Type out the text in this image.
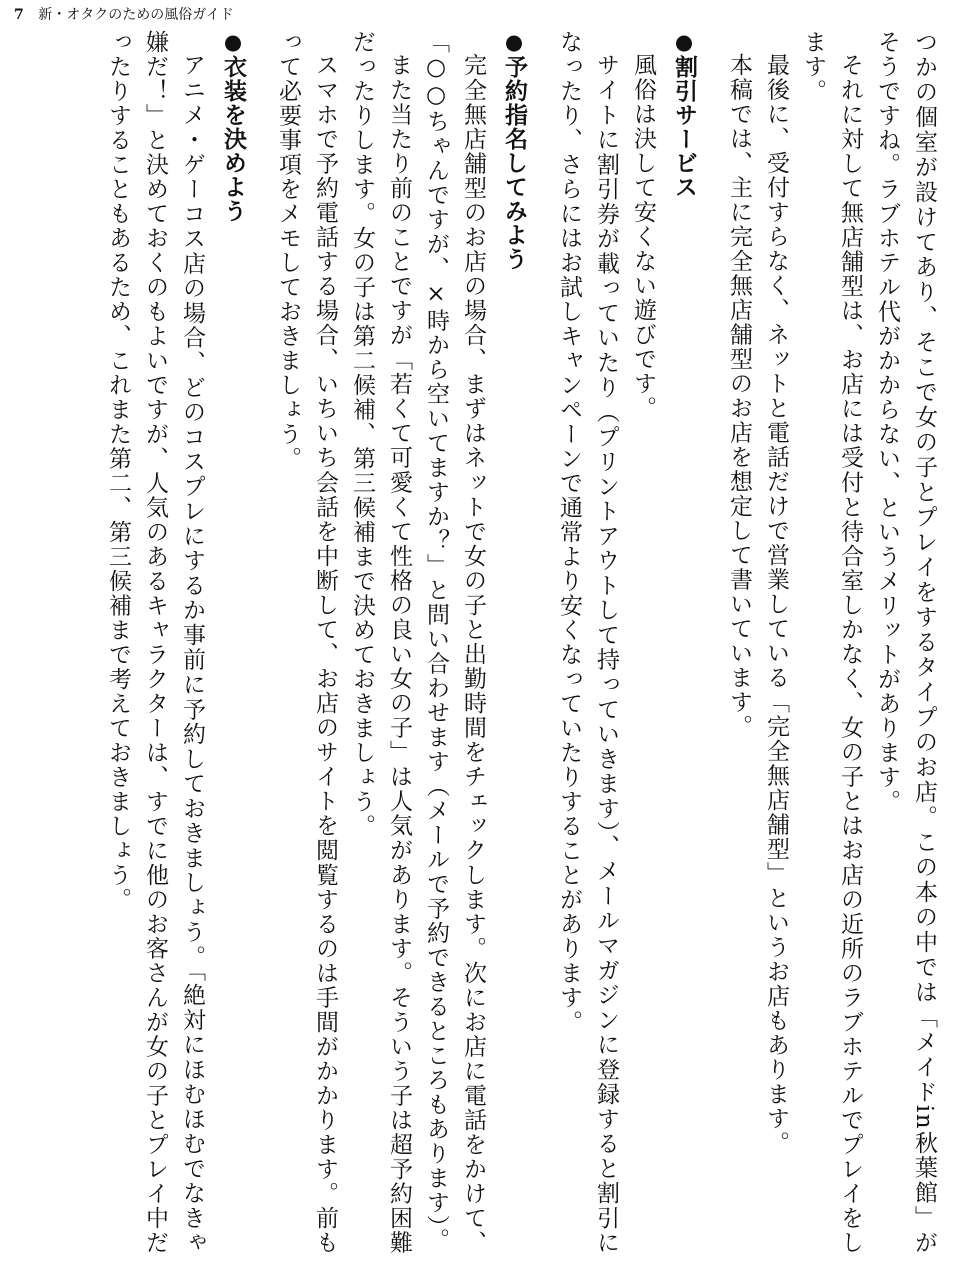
7 新・オタクのための風俗ガイド

つかの個室が設けてあり、そこで女の子とプレイをするタイプのお店。この本の中では「メイドin秋葉館」がそうですね。ラブホテル代がかからない、というメリットがあります。

それに対して無店舗型は、お店には受付と待合室しかなく、女の子とはお店の近所のラブホテルでプレイをします。

最後に、受付すらなく、ネットと電話だけで営業している「完全無店舗型」というお店もあります。

本稿では、主に完全無店舗型のお店を想定して書いています。

●割引サービス

風俗は決して安くない遊びです。

サイトに割引券が載っていたり（プリントアウトして持っていきます）、メールマガジンに登録すると割引になったり、さらにはお試しキャンペーンで通常より安くなっていたりすることがあります。

●予約指名してみよう

完全無店舗型のお店の場合、まずはネットで女の子と出勤時間をチェックします。次にお店に電話をかけて、「○○ちゃんですが、×時から空いてますか？」と問い合わせます（メールで予約できるところもあります）。

また当たり前のことですが「若くて可愛くて性格の良い女の子」は人気があります。そういう子は超予約困難だったりします。女の子は第二候補、第三候補まで決めておきましょう。

スマホで予約電話する場合、いちいち会話を中断して、お店のサイトを閲覧するのは手間がかかります。前もって必要事項をメモしておきましょう。

●衣装を決めよう

アニメ・ゲーコス店の場合、どのコスプレにするか事前に予約しておきましょう。「絶対にほむほむでなきゃ嫌だ！」と決めておくのもよいですが、人気のあるキャラクターは、すでに他のお客さんが女の子とプレイ中だったりすることもあるため、これまた第二、第三候補まで考えておきましょう。
